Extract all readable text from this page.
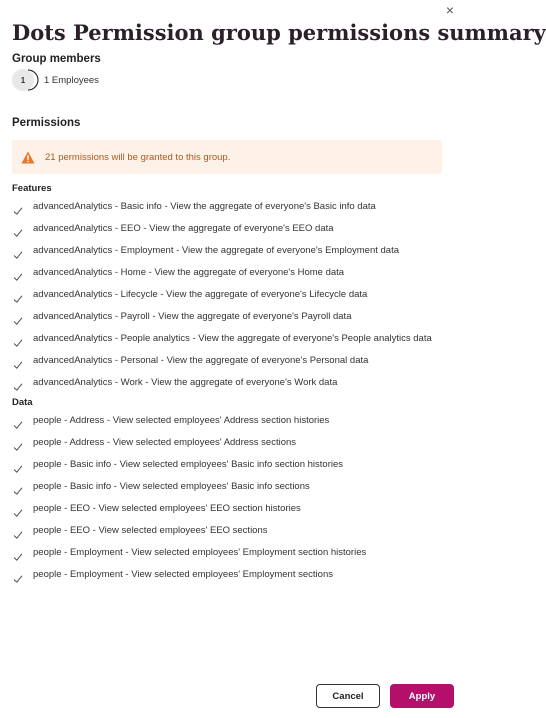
×
Dots Permission group permissions summary
Group members
1 1 Employees
Permissions
21 permissions will be granted to this group.
Features
advancedAnalytics - Basic info - View the aggregate of everyone's Basic info data
advancedAnalytics - EEO - View the aggregate of everyone's EEO data
advancedAnalytics - Employment - View the aggregate of everyone's Employment data
advancedAnalytics - Home - View the aggregate of everyone's Home data
advancedAnalytics - Lifecycle - View the aggregate of everyone's Lifecycle data
advancedAnalytics - Payroll - View the aggregate of everyone's Payroll data
advancedAnalytics - People analytics - View the aggregate of everyone's People analytics data
advancedAnalytics - Personal - View the aggregate of everyone's Personal data
advancedAnalytics - Work - View the aggregate of everyone's Work data
Data
people - Address - View selected employees' Address section histories
people - Address - View selected employees' Address sections
people - Basic info - View selected employees' Basic info section histories
people - Basic info - View selected employees' Basic info sections
people - EEO - View selected employees' EEO section histories
people - EEO - View selected employees' EEO sections
people - Employment - View selected employees' Employment section histories
people - Employment - View selected employees' Employment sections
Cancel	Apply
